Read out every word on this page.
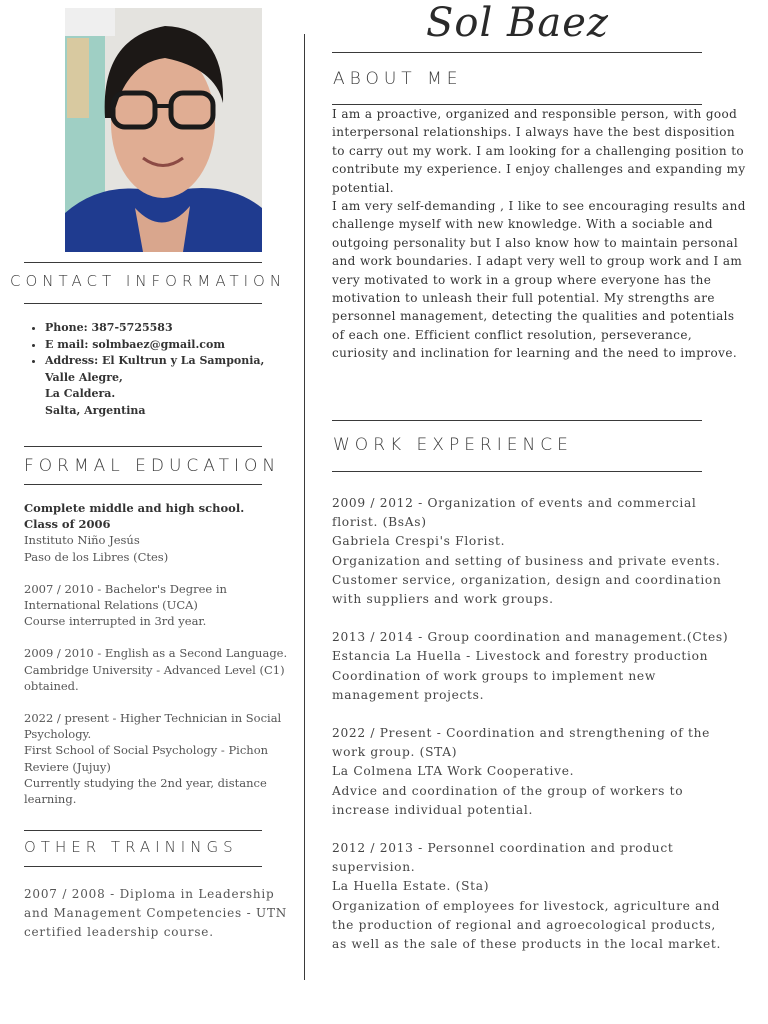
Sol Baez
ABOUT ME

I am a proactive, organized and responsible person, with good interpersonal relationships. I always have the best disposition to carry out my work. I am looking for a challenging position to contribute my experience. I enjoy challenges and expanding my potential.

I am very self-demanding , I like to see encouraging results and challenge myself with new knowledge. With a sociable and outgoing personality but I also know how to maintain personal and work boundaries. I adapt very well to group work and I am very motivated to work in a group where everyone has the motivation to unleash their full potential. My strengths are personnel management, detecting the qualities and potentials of each one. Efficient conflict resolution, perseverance, curiosity and inclination for learning and the need to improve.

WORK EXPERIENCE
2009 / 2012 - Organization of events and commercial
florist. (BsAs)
Gabriela Crespi's Florist.
Organization and setting of business and private events.
Customer service, organization, design and coordination
with suppliers and work groups.
2013 / 2014 - Group coordination and management.(Ctes)
Estancia La Huella - Livestock and forestry production
Coordination of work groups to implement new
management projects.
2022 / Present - Coordination and strengthening of the
work group. (STA)
La Colmena LTA Work Cooperative.
Advice and coordination of the group of workers to
increase individual potential.
2012 / 2013 - Personnel coordination and product
supervision.
La Huella Estate. (Sta)
Organization of employees for livestock, agriculture and
the production of regional and agroecological products,
as well as the sale of these products in the local market.
CONTACT INFORMATION
• Phone: 387-5725583
• E mail: solmbaez@gmail.com
• Address: El Kultrun y La Samponia,
Valle Alegre,
La Caldera.
Salta, Argentina
FORMAL EDUCATION
Complete middle and high school.
Class of 2006
Instituto Niño Jesús
Paso de los Libres (Ctes)
2007 / 2010 - Bachelor's Degree in
International Relations (UCA)
Course interrupted in 3rd year.
2009 / 2010 - English as a Second Language.
Cambridge University - Advanced Level (C1)
obtained.
2022 / present - Higher Technician in Social
Psychology.
First School of Social Psychology - Pichon
Reviere (Jujuy)
Currently studying the 2nd year, distance
learning.
OTHER TRAININGS
2007 / 2008 - Diploma in Leadership and Management Competencies - UTN certified leadership course.
